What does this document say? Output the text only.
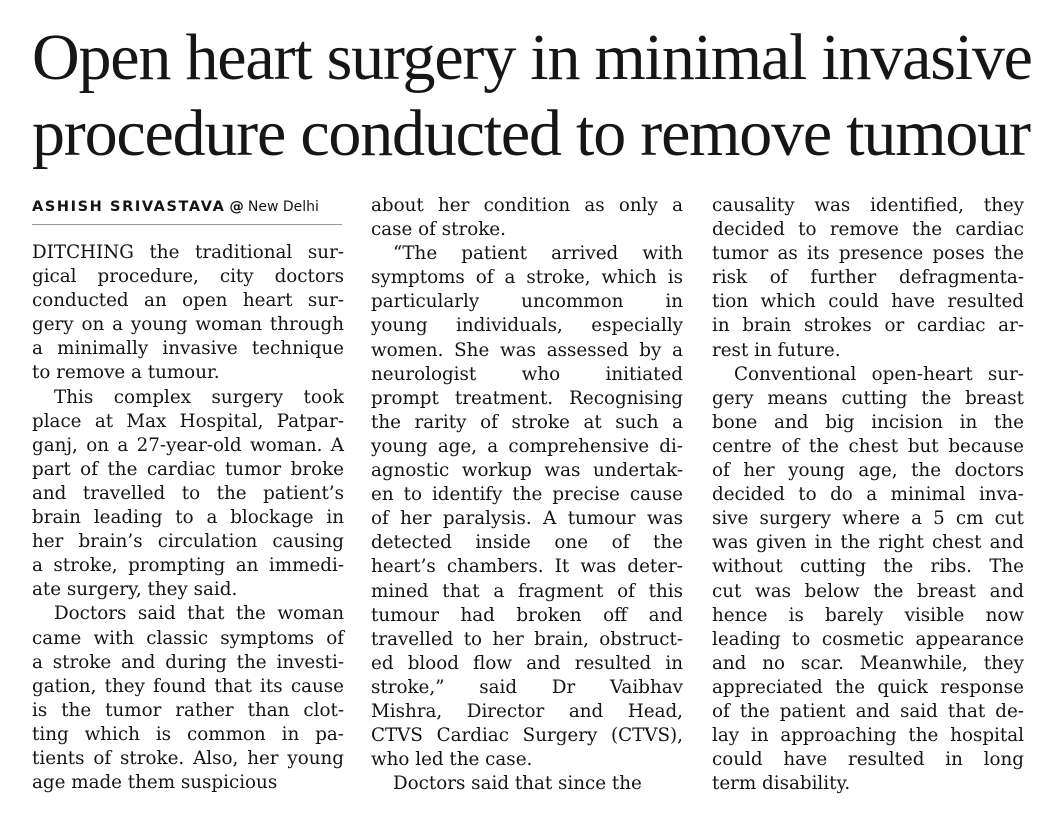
Open heart surgery in minimal invasive
procedure conducted to remove tumour
ASHISH SRIVASTAVA @ New Delhi
DITCHING the traditional sur-
gical procedure, city doctors
conducted an open heart sur-
gery on a young woman through
a minimally invasive technique
to remove a tumour.
This complex surgery took
place at Max Hospital, Patpar-
ganj, on a 27-year-old woman. A
part of the cardiac tumor broke
and travelled to the patient’s
brain leading to a blockage in
her brain’s circulation causing
a stroke, prompting an immedi-
ate surgery, they said.
Doctors said that the woman
came with classic symptoms of
a stroke and during the investi-
gation, they found that its cause
is the tumor rather than clot-
ting which is common in pa-
tients of stroke. Also, her young
age made them suspicious
about her condition as only a
case of stroke.
“The patient arrived with
symptoms of a stroke, which is
particularly uncommon in
young individuals, especially
women. She was assessed by a
neurologist who initiated
prompt treatment. Recognising
the rarity of stroke at such a
young age, a comprehensive di-
agnostic workup was undertak-
en to identify the precise cause
of her paralysis. A tumour was
detected inside one of the
heart’s chambers. It was deter-
mined that a fragment of this
tumour had broken off and
travelled to her brain, obstruct-
ed blood flow and resulted in
stroke,” said Dr Vaibhav
Mishra, Director and Head,
CTVS Cardiac Surgery (CTVS),
who led the case.
Doctors said that since the
causality was identified, they
decided to remove the cardiac
tumor as its presence poses the
risk of further defragmenta-
tion which could have resulted
in brain strokes or cardiac ar-
rest in future.
Conventional open-heart sur-
gery means cutting the breast
bone and big incision in the
centre of the chest but because
of her young age, the doctors
decided to do a minimal inva-
sive surgery where a 5 cm cut
was given in the right chest and
without cutting the ribs. The
cut was below the breast and
hence is barely visible now
leading to cosmetic appearance
and no scar. Meanwhile, they
appreciated the quick response
of the patient and said that de-
lay in approaching the hospital
could have resulted in long
term disability.
